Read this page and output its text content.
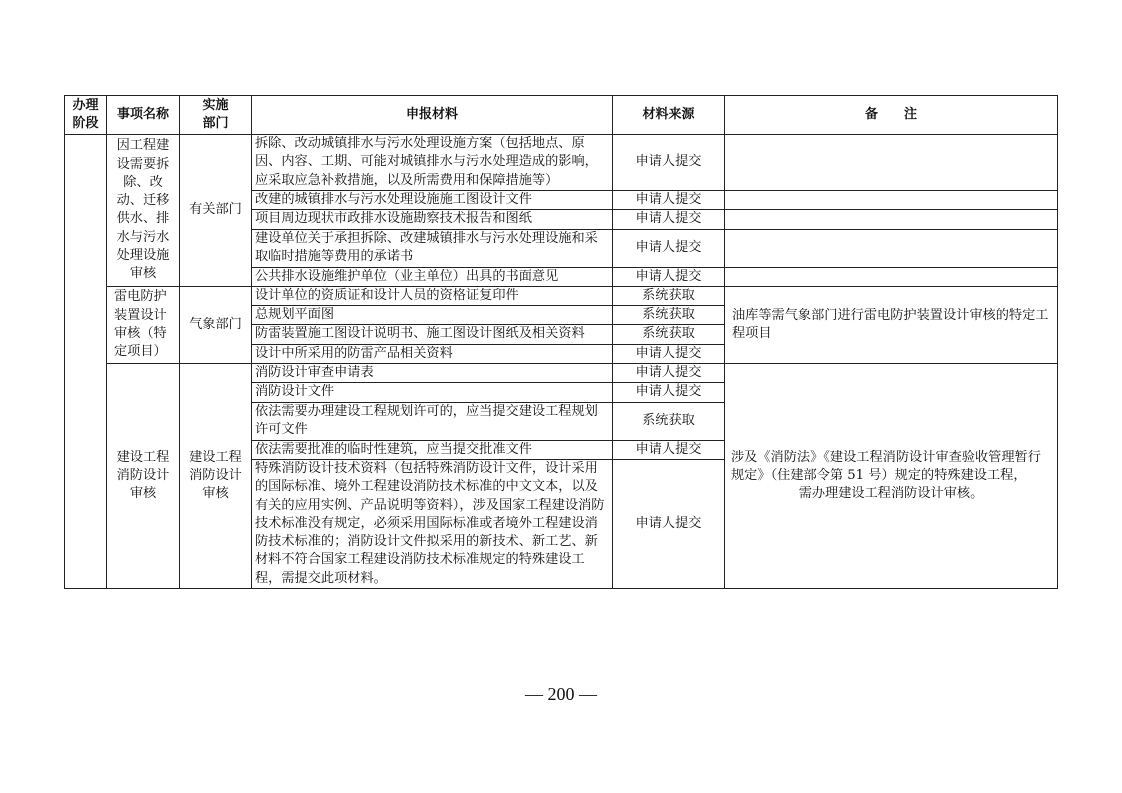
办理阶段	事项名称	实施部门	申报材料	材料来源	备　　注
	因工程建设需要拆除、改动、迁移供水、排水与污水处理设施审核	有关部门	拆除、改动城镇排水与污水处理设施方案（包括地点、原因、内容、工期、可能对城镇排水与污水处理造成的影响，应采取应急补救措施，以及所需费用和保障措施等）	申请人提交	
			改建的城镇排水与污水处理设施施工图设计文件	申请人提交	
			项目周边现状市政排水设施勘察技术报告和图纸	申请人提交	
			建设单位关于承担拆除、改建城镇排水与污水处理设施和采取临时措施等费用的承诺书	申请人提交	
			公共排水设施维护单位（业主单位）出具的书面意见	申请人提交	
	雷电防护装置设计审核（特定项目）	气象部门	设计单位的资质证和设计人员的资格证复印件	系统获取	油库等需气象部门进行雷电防护装置设计审核的特定工程项目
			总规划平面图	系统获取	
			防雷装置施工图设计说明书、施工图设计图纸及相关资料	系统获取	
			设计中所采用的防雷产品相关资料	申请人提交	
	建设工程消防设计审核	建设工程消防设计审核	消防设计审查申请表	申请人提交	涉及《消防法》《建设工程消防设计审查验收管理暂行规定》（住建部令第 51 号）规定的特殊建设工程，
需办理建设工程消防设计审核。

			消防设计文件	申请人提交	
			依法需要办理建设工程规划许可的，应当提交建设工程规划许可文件	系统获取	
			依法需要批准的临时性建筑，应当提交批准文件	申请人提交	
			特殊消防设计技术资料（包括特殊消防设计文件，设计采用的国际标准、境外工程建设消防技术标准的中文文本，以及有关的应用实例、产品说明等资料），涉及国家工程建设消防技术标准没有规定，必须采用国际标准或者境外工程建设消防技术标准的；消防设计文件拟采用的新技术、新工艺、新材料不符合国家工程建设消防技术标准规定的特殊建设工程，需提交此项材料。	申请人提交	
— 200 —
